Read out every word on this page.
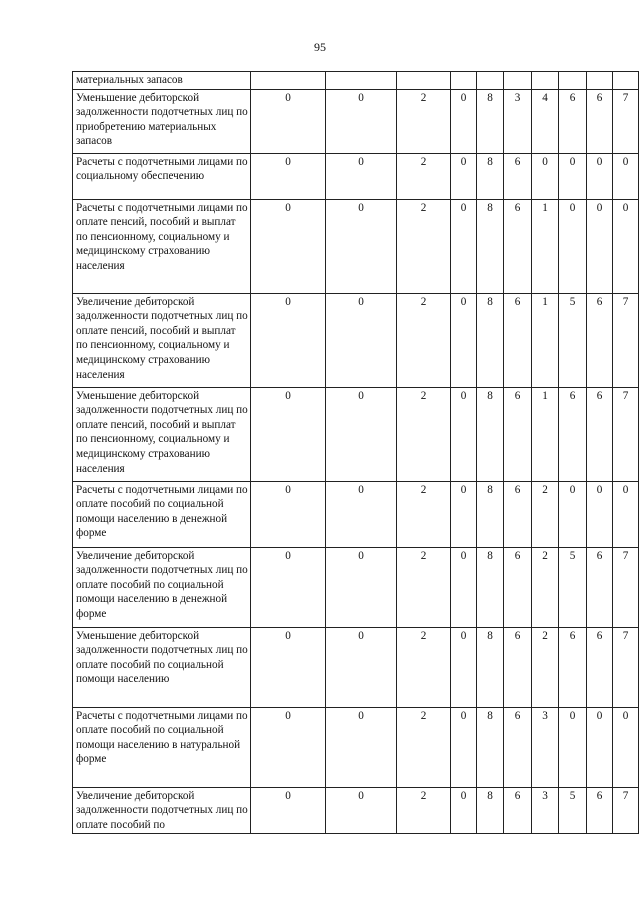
95
материальных запасов										
Уменьшение дебиторской задолженности подотчетных лиц по приобретению материальных запасов	0	0	2	0	8	3	4	6	6	7
Расчеты с подотчетными лицами по социальному обеспечению	0	0	2	0	8	6	0	0	0	0
Расчеты с подотчетными лицами по оплате пенсий, пособий и выплат по пенсионному, социальному и медицинскому страхованию населения	0	0	2	0	8	6	1	0	0	0
Увеличение дебиторской задолженности подотчетных лиц по оплате пенсий, пособий и выплат по пенсионному, социальному и медицинскому страхованию населения	0	0	2	0	8	6	1	5	6	7
Уменьшение дебиторской задолженности подотчетных лиц по оплате пенсий, пособий и выплат по пенсионному, социальному и медицинскому страхованию населения	0	0	2	0	8	6	1	6	6	7
Расчеты с подотчетными лицами по оплате пособий по социальной помощи населению в денежной форме	0	0	2	0	8	6	2	0	0	0
Увеличение дебиторской задолженности подотчетных лиц по оплате пособий по социальной помощи населению в денежной форме	0	0	2	0	8	6	2	5	6	7
Уменьшение дебиторской задолженности подотчетных лиц по оплате пособий по социальной помощи населению	0	0	2	0	8	6	2	6	6	7
Расчеты с подотчетными лицами по оплате пособий по социальной помощи населению в натуральной форме	0	0	2	0	8	6	3	0	0	0
Увеличение дебиторской задолженности подотчетных лиц по оплате пособий по	0	0	2	0	8	6	3	5	6	7
